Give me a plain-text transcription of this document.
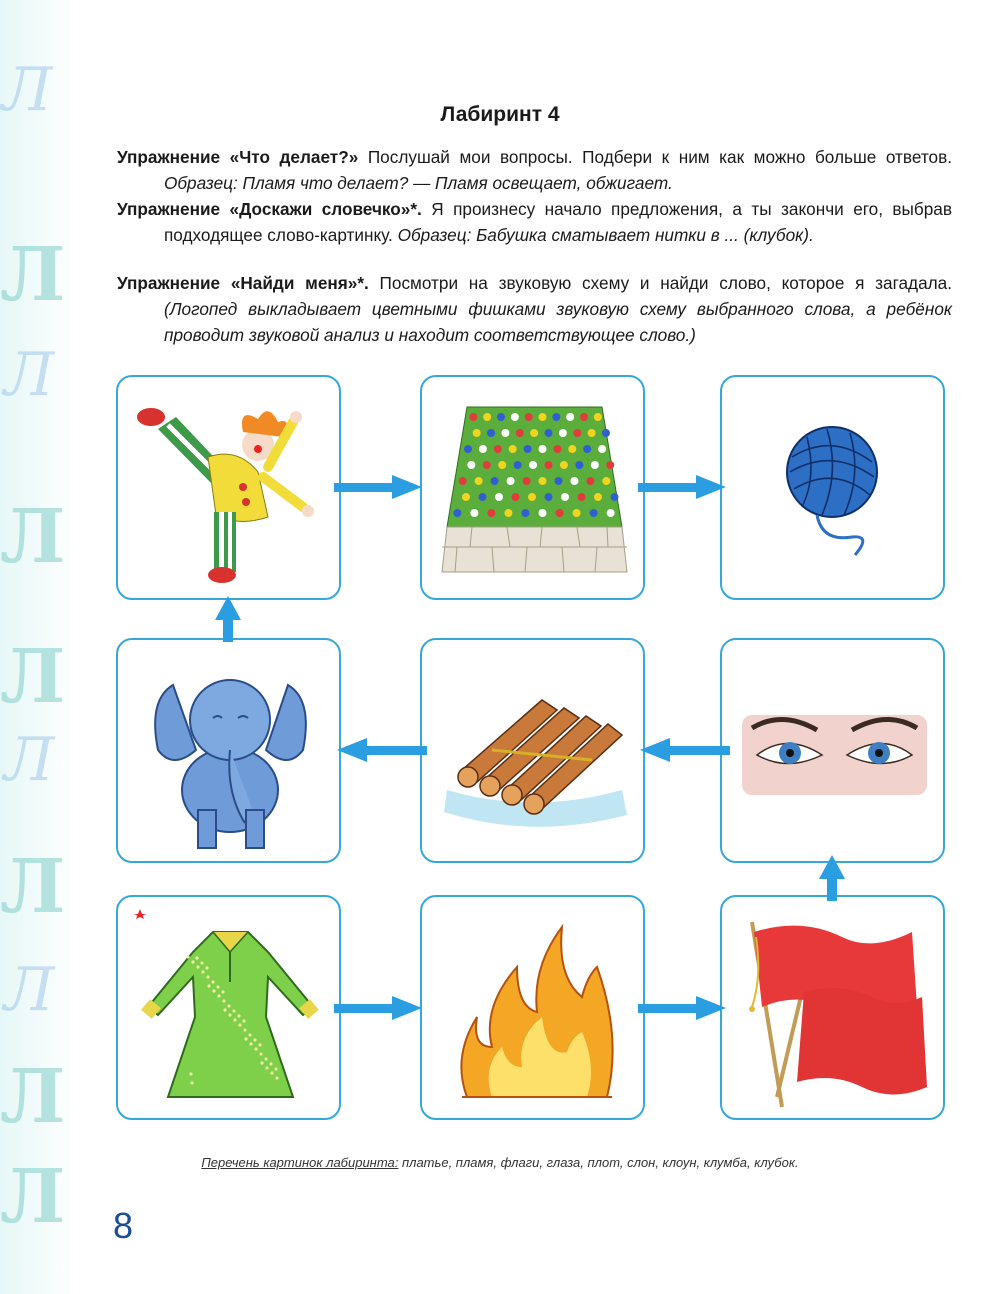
Л
Л
Л
Л
Л
Л
Л
Л
Л
Л
Лабиринт 4
Упражнение «Что делает?» Послушай мои вопросы. Подбери к ним как можно больше ответов. Образец: Пламя что делает? — Пламя освещает, обжигает.
Упражнение «Доскажи словечко»*. Я произнесу начало предложения, а ты закончи его, выбрав подходящее слово-картинку. Образец: Бабушка сматывает нитки в ... (клубок).
Упражнение «Найди меня»*. Посмотри на звуковую схему и найди слово, которое я загадала. (Логопед выкладывает цветными фишками звуковую схему выбранного слова, а ребёнок проводит звуковой анализ и находит соответствующее слово.)
Перечень картинок лабиринта: платье, пламя, флаги, глаза, плот, слон, клоун, клумба, клубок.
8
